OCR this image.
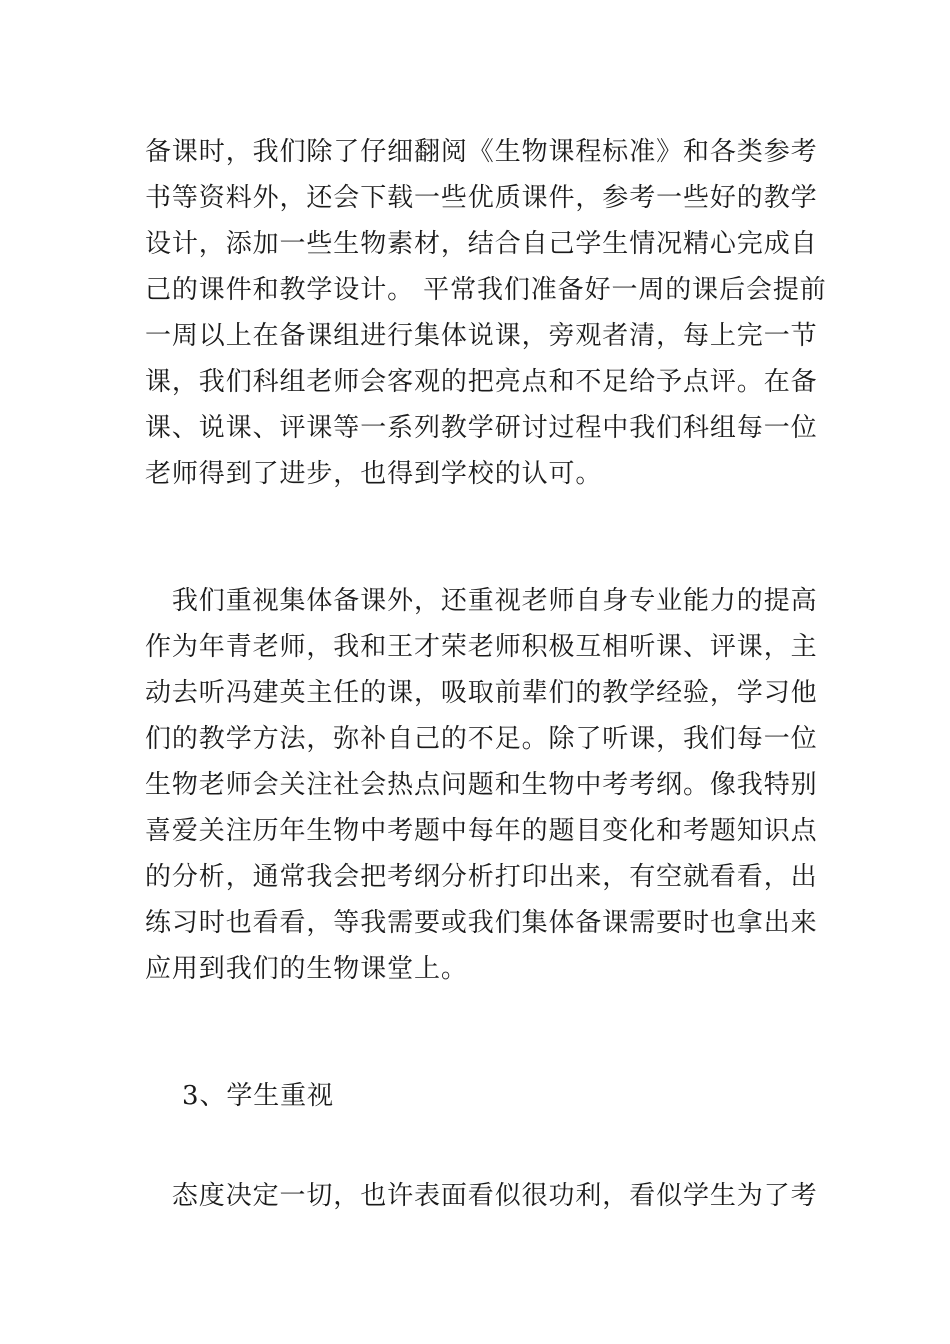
备课时，我们除了仔细翻阅《生物课程标准》和各类参考
书等资料外，还会下载一些优质课件，参考一些好的教学
设计，添加一些生物素材，结合自己学生情况精心完成自
己的课件和教学设计。 平常我们准备好一周的课后会提前
一周以上在备课组进行集体说课，旁观者清，每上完一节
课，我们科组老师会客观的把亮点和不足给予点评。在备
课、说课、评课等一系列教学研讨过程中我们科组每一位
老师得到了进步，也得到学校的认可。
　我们重视集体备课外，还重视老师自身专业能力的提高
作为年青老师，我和王才荣老师积极互相听课、评课，主
动去听冯建英主任的课，吸取前辈们的教学经验，学习他
们的教学方法，弥补自己的不足。除了听课，我们每一位
生物老师会关注社会热点问题和生物中考考纲。像我特别
喜爱关注历年生物中考题中每年的题目变化和考题知识点
的分析，通常我会把考纲分析打印出来，有空就看看，出
练习时也看看，等我需要或我们集体备课需要时也拿出来
应用到我们的生物课堂上。
3、学生重视
　态度决定一切，也许表面看似很功利，看似学生为了考
